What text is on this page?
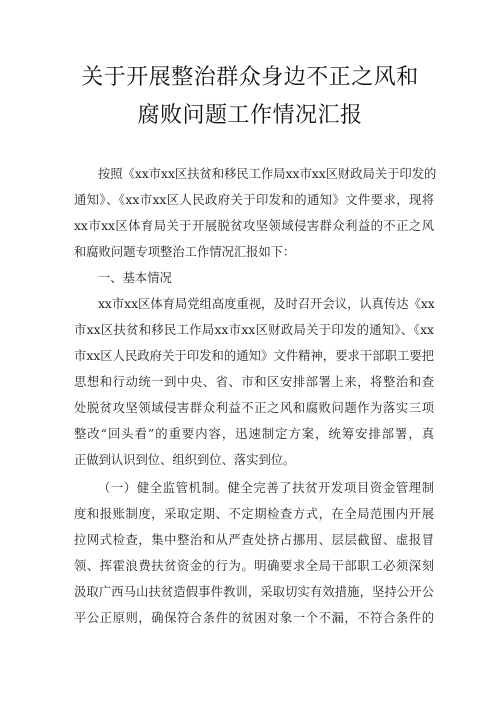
关于开展整治群众身边不正之风和
腐败问题工作情况汇报
按照《xx市xx区扶贫和移民工作局xx市xx区财政局关于印发的
通知》、《xx市xx区人民政府关于印发和的通知》文件要求，现将
xx市xx区体育局关于开展脱贫攻坚领域侵害群众利益的不正之风
和腐败问题专项整治工作情况汇报如下：
一、基本情况
xx市xx区体育局党组高度重视，及时召开会议，认真传达《xx
市xx区扶贫和移民工作局xx市xx区财政局关于印发的通知》、《xx
市xx区人民政府关于印发和的通知》文件精神，要求干部职工要把
思想和行动统一到中央、省、市和区安排部署上来，将整治和查
处脱贫攻坚领域侵害群众利益不正之风和腐败问题作为落实三项
整改“回头看”的重要内容，迅速制定方案，统筹安排部署，真
正做到认识到位、组织到位、落实到位。
（一）健全监管机制。健全完善了扶贫开发项目资金管理制
度和报账制度，采取定期、不定期检查方式，在全局范围内开展
拉网式检查，集中整治和从严查处挤占挪用、层层截留、虚报冒
领、挥霍浪费扶贫资金的行为。明确要求全局干部职工必须深刻
汲取广西马山扶贫造假事件教训，采取切实有效措施，坚持公开公
平公正原则，确保符合条件的贫困对象一个不漏，不符合条件的
